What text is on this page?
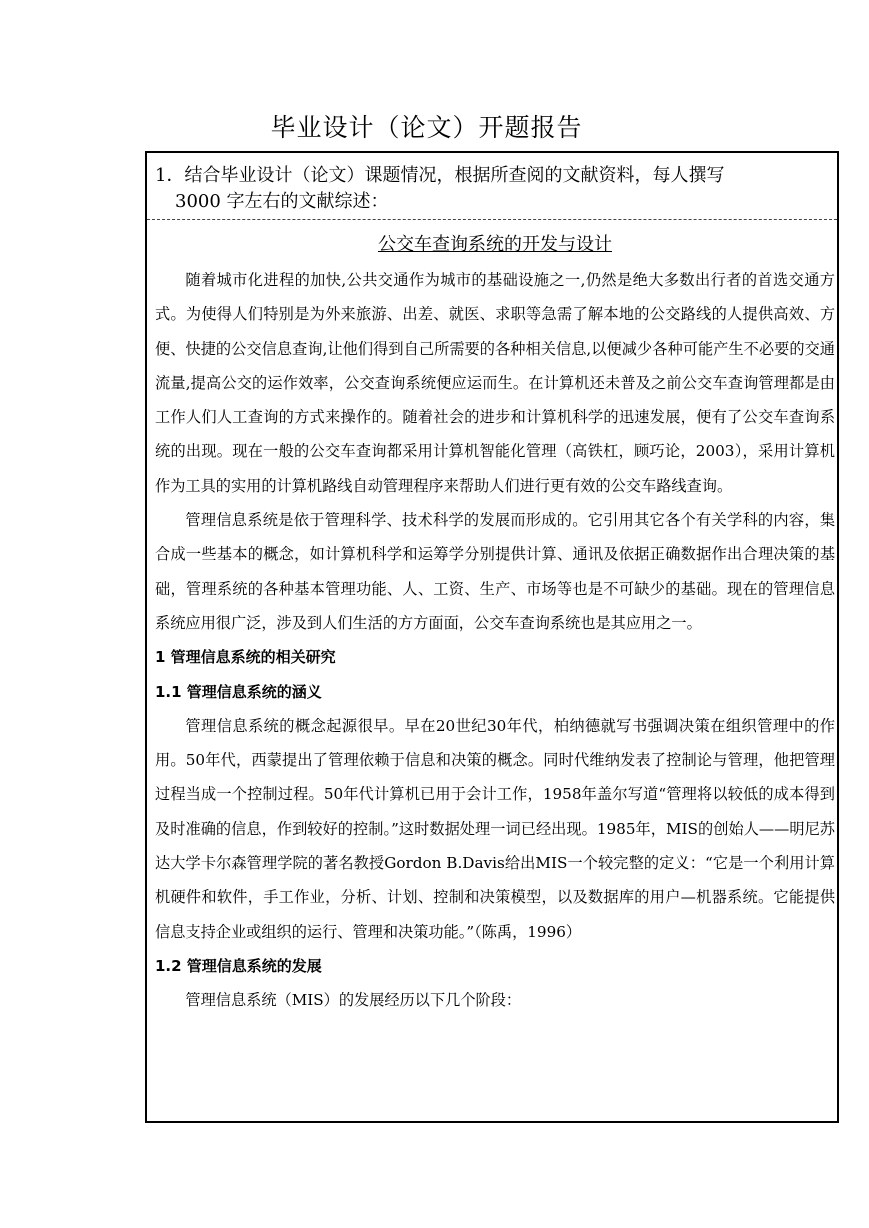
毕业设计（论文）开题报告
1．结合毕业设计（论文）课题情况，根据所查阅的文献资料，每人撰写
3000 字左右的文献综述：

公交车查询系统的开发与设计

随着城市化进程的加快,公共交通作为城市的基础设施之一,仍然是绝大多数出行者的首选交通方式。为使得人们特别是为外来旅游、出差、就医、求职等急需了解本地的公交路线的人提供高效、方便、快捷的公交信息查询,让他们得到自己所需要的各种相关信息,以便减少各种可能产生不必要的交通流量,提高公交的运作效率，公交查询系统便应运而生。在计算机还未普及之前公交车查询管理都是由工作人们人工查询的方式来操作的。随着社会的进步和计算机科学的迅速发展，便有了公交车查询系统的出现。现在一般的公交车查询都采用计算机智能化管理（高铁杠，顾巧论，2003），采用计算机作为工具的实用的计算机路线自动管理程序来帮助人们进行更有效的公交车路线查询。

管理信息系统是依于管理科学、技术科学的发展而形成的。它引用其它各个有关学科的内容，集合成一些基本的概念，如计算机科学和运筹学分别提供计算、通讯及依据正确数据作出合理决策的基础，管理系统的各种基本管理功能、人、工资、生产、市场等也是不可缺少的基础。现在的管理信息系统应用很广泛，涉及到人们生活的方方面面，公交车查询系统也是其应用之一。

1 管理信息系统的相关研究

1.1 管理信息系统的涵义

管理信息系统的概念起源很早。早在20世纪30年代，柏纳德就写书强调决策在组织管理中的作用。50年代，西蒙提出了管理依赖于信息和决策的概念。同时代维纳发表了控制论与管理，他把管理过程当成一个控制过程。50年代计算机已用于会计工作，1958年盖尔写道“管理将以较低的成本得到及时准确的信息，作到较好的控制。”这时数据处理一词已经出现。1985年，MIS的创始人——明尼苏达大学卡尔森管理学院的著名教授Gordon B.Davis给出MIS一个较完整的定义：“它是一个利用计算机硬件和软件，手工作业，分析、计划、控制和决策模型，以及数据库的用户—机器系统。它能提供信息支持企业或组织的运行、管理和决策功能。”（陈禹，1996）

1.2 管理信息系统的发展

管理信息系统（MIS）的发展经历以下几个阶段：
